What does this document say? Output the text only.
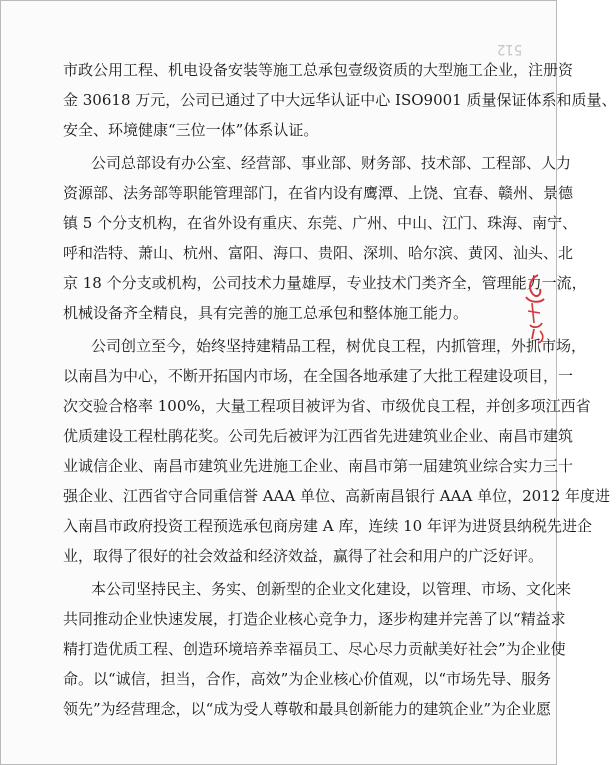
512
市政公用工程、机电设备安装等施工总承包壹级资质的大型施工企业，注册资
金 30618 万元，公司已通过了中大远华认证中心 ISO9001 质量保证体系和质量、
安全、环境健康“三位一体”体系认证。
公司总部设有办公室、经营部、事业部、财务部、技术部、工程部、人力
资源部、法务部等职能管理部门，在省内设有鹰潭、上饶、宜春、赣州、景德
镇 5 个分支机构，在省外设有重庆、东莞、广州、中山、江门、珠海、南宁、
呼和浩特、萧山、杭州、富阳、海口、贵阳、深圳、哈尔滨、黄冈、汕头、北
京 18 个分支或机构，公司技术力量雄厚，专业技术门类齐全，管理能力一流，
机械设备齐全精良，具有完善的施工总承包和整体施工能力。
公司创立至今，始终坚持建精品工程，树优良工程，内抓管理，外抓市场，
以南昌为中心，不断开拓国内市场，在全国各地承建了大批工程建设项目，一
次交验合格率 100%，大量工程项目被评为省、市级优良工程，并创多项江西省
优质建设工程杜鹃花奖。公司先后被评为江西省先进建筑业企业、南昌市建筑
业诚信企业、南昌市建筑业先进施工企业、南昌市第一届建筑业综合实力三十
强企业、江西省守合同重信誉 AAA 单位、高新南昌银行 AAA 单位，2012 年度进
入南昌市政府投资工程预选承包商房建 A 库，连续 10 年评为进贤县纳税先进企
业，取得了很好的社会效益和经济效益，赢得了社会和用户的广泛好评。
本公司坚持民主、务实、创新型的企业文化建设，以管理、市场、文化来
共同推动企业快速发展，打造企业核心竞争力，逐步构建并完善了以“精益求
精打造优质工程、创造环境培养幸福员工、尽心尽力贡献美好社会”为企业使
命。以“诚信，担当，合作，高效”为企业核心价值观，以“市场先导、服务
领先”为经营理念，以“成为受人尊敬和最具创新能力的建筑企业”为企业愿
